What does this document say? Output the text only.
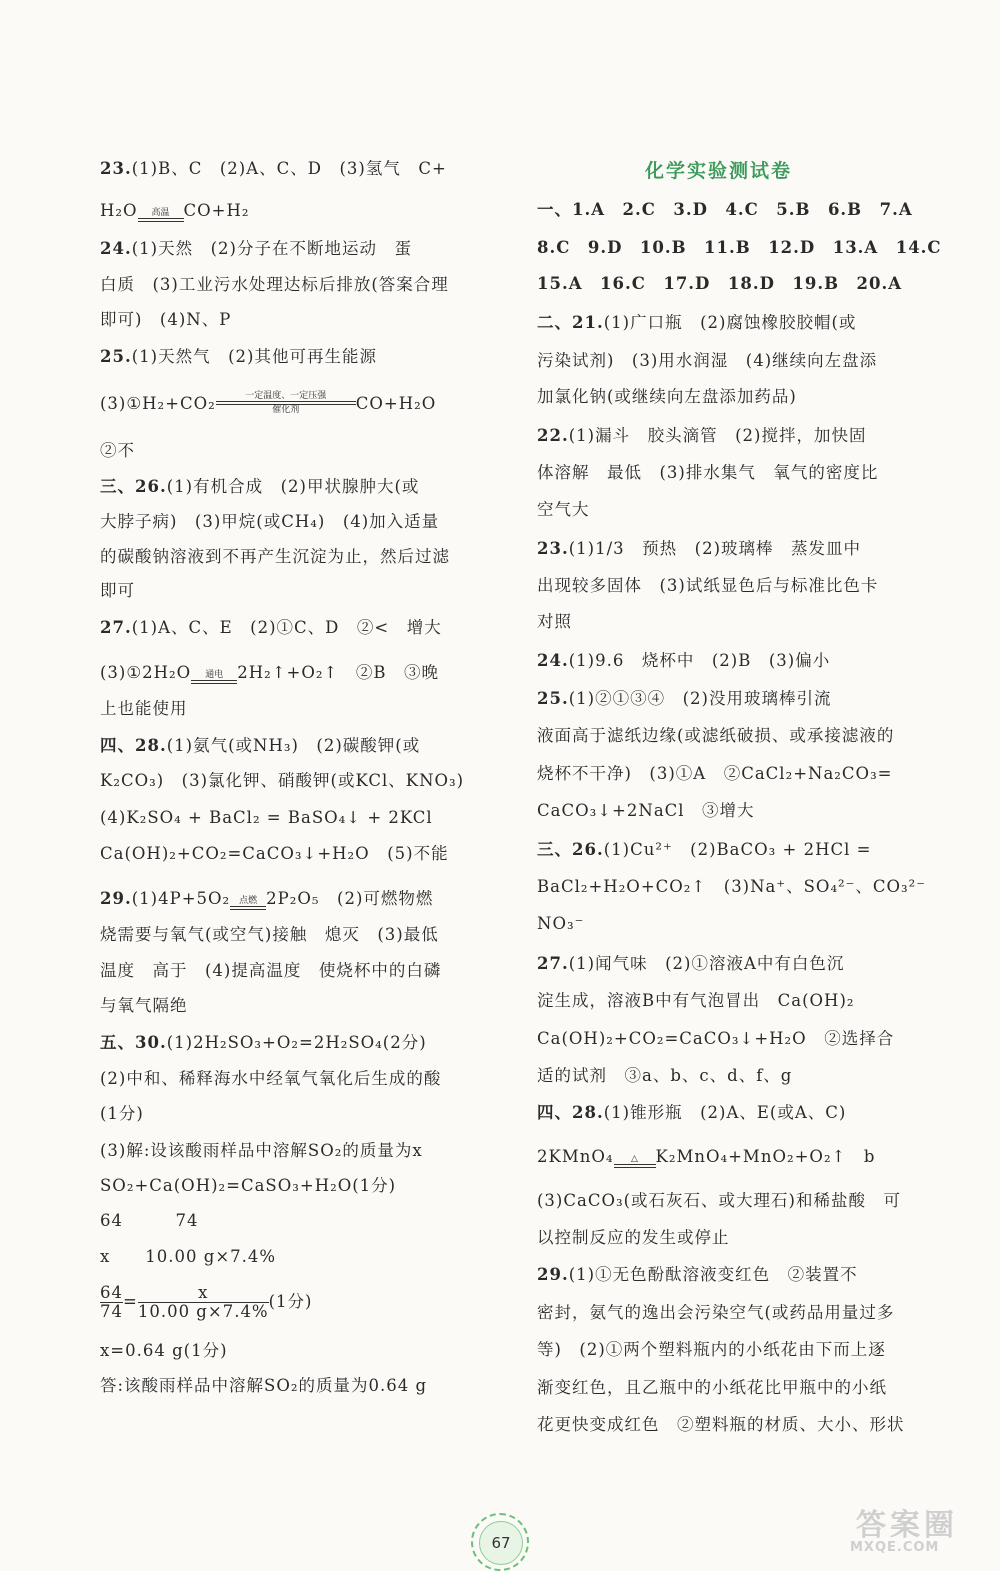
23.(1)B、C　(2)A、C、D　(3)氢气　C+
H₂O	高温 CO+H₂
24.(1)天然　(2)分子在不断地运动　蛋
白质　(3)工业污水处理达标后排放(答案合理
即可)　(4)N、P
25.(1)天然气　(2)其他可再生能源
(3)①H₂+CO₂	一定温度、一定压强
催化剂	CO+H₂O
②不
三、26.(1)有机合成　(2)甲状腺肿大(或
大脖子病)　(3)甲烷(或CH₄)　(4)加入适量
的碳酸钠溶液到不再产生沉淀为止，然后过滤
即可
27.(1)A、C、E　(2)①C、D　②<　增大
(3)①2H₂O	通电 2H₂↑+O₂↑　②B　③晚
上也能使用
四、28.(1)氨气(或NH₃)　(2)碳酸钾(或
K₂CO₃)　(3)氯化钾、硝酸钾(或KCl、KNO₃)
(4)K₂SO₄ + BaCl₂ = BaSO₄↓ + 2KCl
Ca(OH)₂+CO₂=CaCO₃↓+H₂O　(5)不能
29.(1)4P+5O₂ 点燃 2P₂O₅　(2)可燃物燃
烧需要与氧气(或空气)接触　熄灭　(3)最低
温度　高于　(4)提高温度　使烧杯中的白磷
与氧气隔绝
五、30.(1)2H₂SO₃+O₂=2H₂SO₄(2分)
(2)中和、稀释海水中经氧气氧化后生成的酸
(1分)
(3)解:设该酸雨样品中溶解SO₂的质量为x
SO₂+Ca(OH)₂=CaSO₃+H₂O(1分)
64　　　74
x　　10.00 g×7.4%
$\frac{64}{74} = \frac{x}{10.00 g\times 7.4\%} (1$分)
x=0.64 g(1分)
答:该酸雨样品中溶解SO₂的质量为0.64 g
化学实验测试卷
一、1.A　2.C　3.D　4.C　5.B　6.B　7.A
8.C　9.D　10.B　11.B　12.D　13.A　14.C
15.A　16.C　17.D　18.D　19.B　20.A
二、21.(1)广口瓶　(2)腐蚀橡胶胶帽(或
污染试剂)　(3)用水润湿　(4)继续向左盘添
加氯化钠(或继续向左盘添加药品)
22.(1)漏斗　胶头滴管　(2)搅拌，加快固
体溶解　最低　(3)排水集气　氧气的密度比
空气大
23.(1)1/3　预热　(2)玻璃棒　蒸发皿中
出现较多固体　(3)试纸显色后与标准比色卡
对照
24.(1)9.6　烧杯中　(2)B　(3)偏小
25.(1)②①③④　(2)没用玻璃棒引流
液面高于滤纸边缘(或滤纸破损、或承接滤液的
烧杯不干净)　(3)①A　②CaCl₂+Na₂CO₃=
CaCO₃↓+2NaCl　③增大
三、26.(1)Cu²⁺　(2)BaCO₃ + 2HCl =
BaCl₂+H₂O+CO₂↑　(3)Na⁺、SO₄²⁻、CO₃²⁻
NO₃⁻
27.(1)闻气味　(2)①溶液A中有白色沉
淀生成，溶液B中有气泡冒出　Ca(OH)₂
Ca(OH)₂+CO₂=CaCO₃↓+H₂O　②选择合
适的试剂　③a、b、c、d、f、g
四、28.(1)锥形瓶　(2)A、E(或A、C)
2KMnO₄	△	K₂MnO₄+MnO₂+O₂↑　b
(3)CaCO₃(或石灰石、或大理石)和稀盐酸　可
以控制反应的发生或停止
29.(1)①无色酚酞溶液变红色　②装置不
密封，氨气的逸出会污染空气(或药品用量过多
等)　(2)①两个塑料瓶内的小纸花由下而上逐
渐变红色，且乙瓶中的小纸花比甲瓶中的小纸
花更快变成红色　②塑料瓶的材质、大小、形状
67	答案圈
MXQE.COM
